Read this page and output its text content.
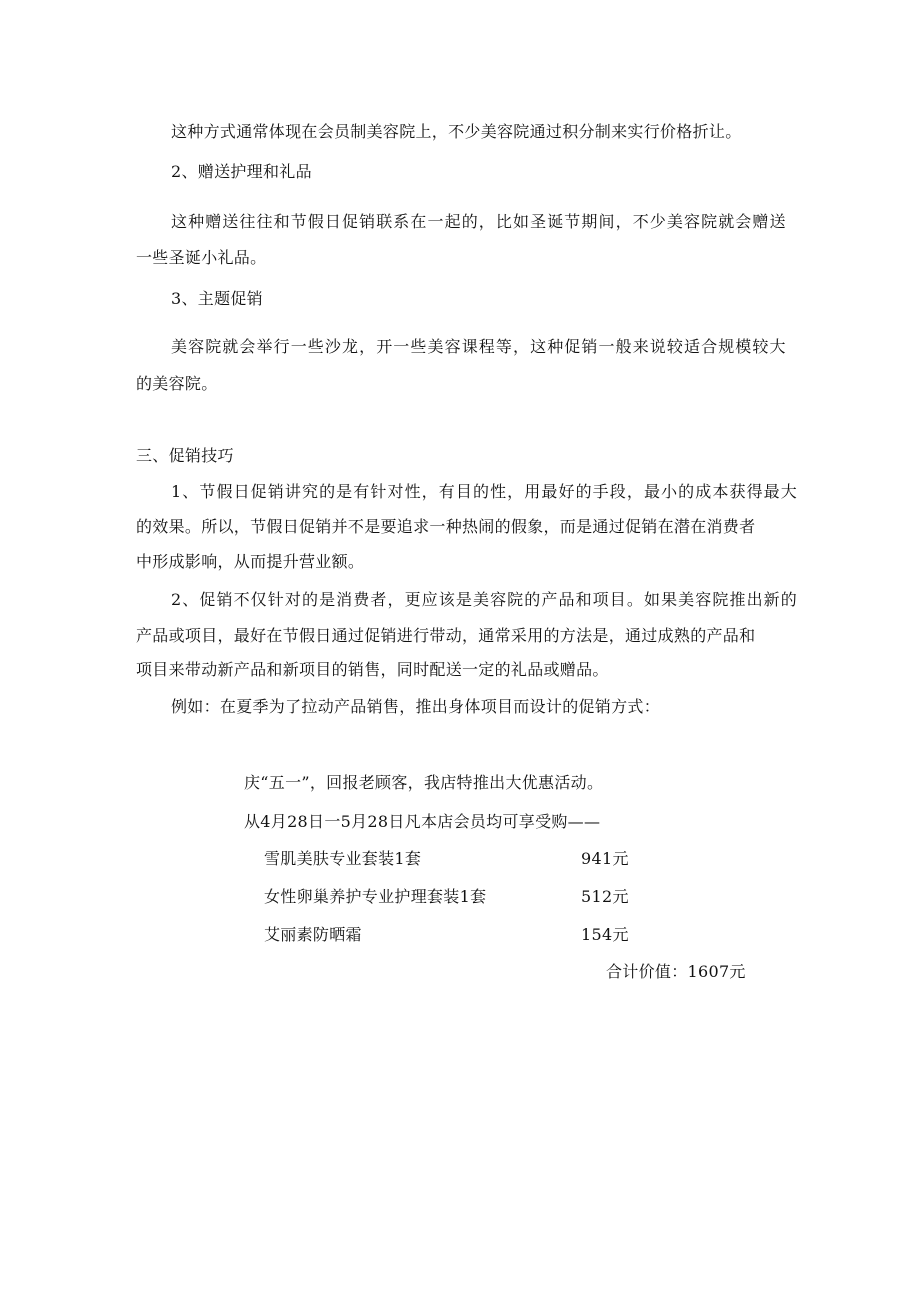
这种方式通常体现在会员制美容院上，不少美容院通过积分制来实行价格折让。
2、赠送护理和礼品
这种赠送往往和节假日促销联系在一起的，比如圣诞节期间，不少美容院就会赠送
一些圣诞小礼品。
3、主题促销
美容院就会举行一些沙龙，开一些美容课程等，这种促销一般来说较适合规模较大
的美容院。
三、促销技巧
1、节假日促销讲究的是有针对性，有目的性，用最好的手段，最小的成本获得最大
的效果。所以，节假日促销并不是要追求一种热闹的假象，而是通过促销在潜在消费者
中形成影响，从而提升营业额。
2、促销不仅针对的是消费者，更应该是美容院的产品和项目。如果美容院推出新的
产品或项目，最好在节假日通过促销进行带动，通常采用的方法是，通过成熟的产品和
项目来带动新产品和新项目的销售，同时配送一定的礼品或赠品。
例如：在夏季为了拉动产品销售，推出身体项目而设计的促销方式：
庆“五一”，回报老顾客，我店特推出大优惠活动。
从4月28日一5月28日凡本店会员均可享受购——
雪肌美肤专业套装1套	941元
女性卵巢养护专业护理套装1套	512元
艾丽素防晒霜	154元
合计价值：1607元
